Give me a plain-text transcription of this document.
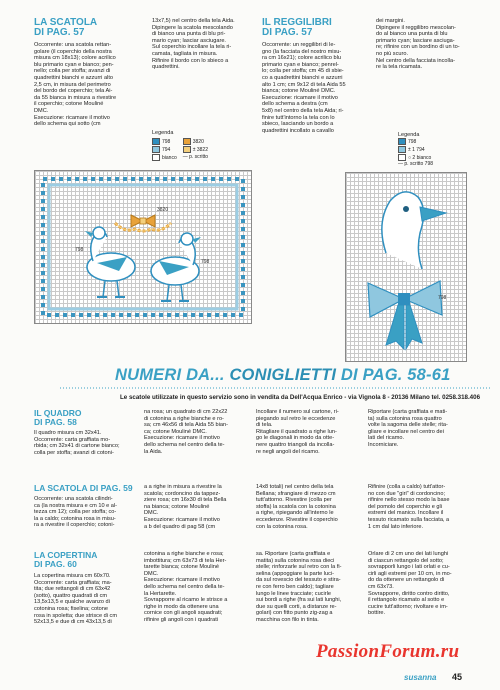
LA SCATOLA
DI PAG. 57
Occorrente: una scatola rettan-
golare (il coperchio della nostra
misura cm 18x13); colore acrilico
blu primario cyan e bianco; pen-
nello; colla per stoffa; avanzi di
quadrettini bianchi e azzurri alto
2,5 cm, in misura del perimetro
del bordo del coperchio; tela Ai-
da 55 bianca in misura a rivestire
il coperchio; cotone Mouliné
DMC.
Esecuzione: ricamare il motivo
dello schema qui sotto (cm
13x7,5) nel centro della tela Aida.
Dipingere la scatola mescolando
di bianco una punta di blu pri-
mario cyan; lasciar asciugare.
Sul coperchio incollare la tela ri-
camata, tagliata in misura.
Rifinire il bordo con lo sbieco a
quadrettini.
Legenda
798
794
bianco
3820
± 3822
— p. scritto
3820
798
798
IL REGGILIBRI
DI PAG. 57
Occorrente: un reggilibri di le-
gno (la facciata del nostro misu-
ra cm 16x21); colore acrilico blu
primario cyan e bianco; penrel-
lo; colla per stoffa; cm 45 di sbie-
co a quadrettini bianchi e azzurri
alto 1 cm; cm 9x12 di tela Aida 55
bianca; cotone Mouliné DMC.
Esecuzione: ricamare il motivo
dello schema a destra (cm
5x8) nel centro della tela Aida; ri-
finire tutt'intorno la tela con lo
sbieco, lasciando un bordo a
quadrettini incollato a cavallo
dei margini.
Dipingere il reggilibro mescolan-
do al bianco una punta di blu
primario cyan; lasciare asciuga-
re; rifinire con un bordino di un to-
no più scuro.
Nel centro della facciata incolla-
re la tela ricamata.
Legenda
798
± 1 794
○ 2 bianco
— p. scritto 798
798
NUMERI DA... CONIGLIETTI DI PAG. 58-61
Le scatole utilizzate in questo servizio sono in vendita da Dell'Acqua Enrico - via Vignola 8 - 20136 Milano tel. 0258.318.406
IL QUADRO
DI PAG. 58
Il quadro misura cm 32x41.
Occorrente: carta graffiata mo-
rbida; cm 32x41 di cartone bianco;
colla per stoffa; avanzi di cotoni-
na rosa; un quadrato di cm 22x22
di cotonina a righe bianche e ro-
sa; cm 46x56 di tela Aida 55 bian-
ca; cotone Mouliné DMC.
Esecuzione: ricamare il motivo
dello schema nel centro della te-
la Aida.
Incollare il numero sul cartone, ri-
piegando sul retro le eccedenze
di tela.
Ritagliare il quadrato a righe lun-
go le diagonali in modo da otte-
nere quattro triangoli da incolla-
re negli angoli del ricamo.
Riportare (carta graffiata e mati-
ta) sulla cotonina rosa quattro
volte la sagoma delle stelle; rita-
gliare e incollare nel centro dei
lati del ricamo.
Incorniciare.
LA SCATOLA DI PAG. 59
Occorrente: una scatola cilindri-
ca (la nostra misura e cm 10 e al-
tezza cm 12); colla per stoffa; co-
la a caldo; cotonina rosa in misu-
ra a rivestire il coperchio; cotoni-
a a righe in misura a rivestire la
scatola; cordoncino da tappez-
ziere rosa; cm 16x30 di tela Bella
na bianca; cotone Mouliné
DMC.
Esecuzione: ricamare il motivo
a b del quadro di pag 58 (cm
14x8 totali) nel centro della tela
Bellana; sfrangiare di mezzo cm
tutt'attorno. Rivestire (colla per
stoffa) la scatola con la cotonina
a righe, ripiegando all'interno le
eccedenze. Rivestire il coperchio
con la cotonina rosa.
Rifinire (colla a caldo) tutt'attor-
no con due "giri" di cordoncino;
rifinire nello stesso modo la base
del pomolo del coperchio e gli
estremi del manico. Incollare il
tessuto ricamato sulla facciata, a
1 cm dal lato inferiore.
LA COPERTINA
DI PAG. 60
La copertina misura cm 60x70.
Occorrente: carta graffiata; ma-
tita; due rettangoli di cm 63x42
(sotto), quattro quadrati di cm
13,5x13,5 e qualche avanzo di
cotonina rosa; fiselina; cotone
rosa in spoletta; due strisce di cm
52x13,5 e due di cm 43x13,5 di
cotonina a righe bianche e rosa;
imbottitura; cm 63x73 di tela Her-
tarette bianca; cotone Mouliné
DMC.
Esecuzione: ricamare il motivo
dello schema nel centro della te-
la Hertarette.
Sovrapporre al ricamo le strisce a
righe in modo da ottenere una
cornice con gli angoli squadrati;
rifinire gli angoli con i quadrati
sa. Riportare (carta graffiata e
matita) sulla cotonina rosa dieci
stelle; rinforzarle sul retro con la fi-
selina (appoggiare la parte luci-
da sul rovescio del tessuto e stira-
re con ferro ben caldo); tagliare
lungo le linee tracciate; cucirle
sui bordi a righe (fra sui lati lunghi,
due su quelli corti, a distanze re-
golari) con fitto punto zig-zag a
macchina con filo in tinta.
Orlare di 2 cm uno dei lati lunghi
di ciascun rettangolo del sotto;
sovrapporli lungo i lati orlati e cu-
cirli agli estremi per 10 cm, in mo-
do da ottenere un rettangolo di
cm 63x73.
Sovrapporre, diritto contro diritto,
il rettangolo ricamato al sotto e
cucire tutt'attorno; rivoltare e im-
bottire.
PassionForum.ru
susanna 45
